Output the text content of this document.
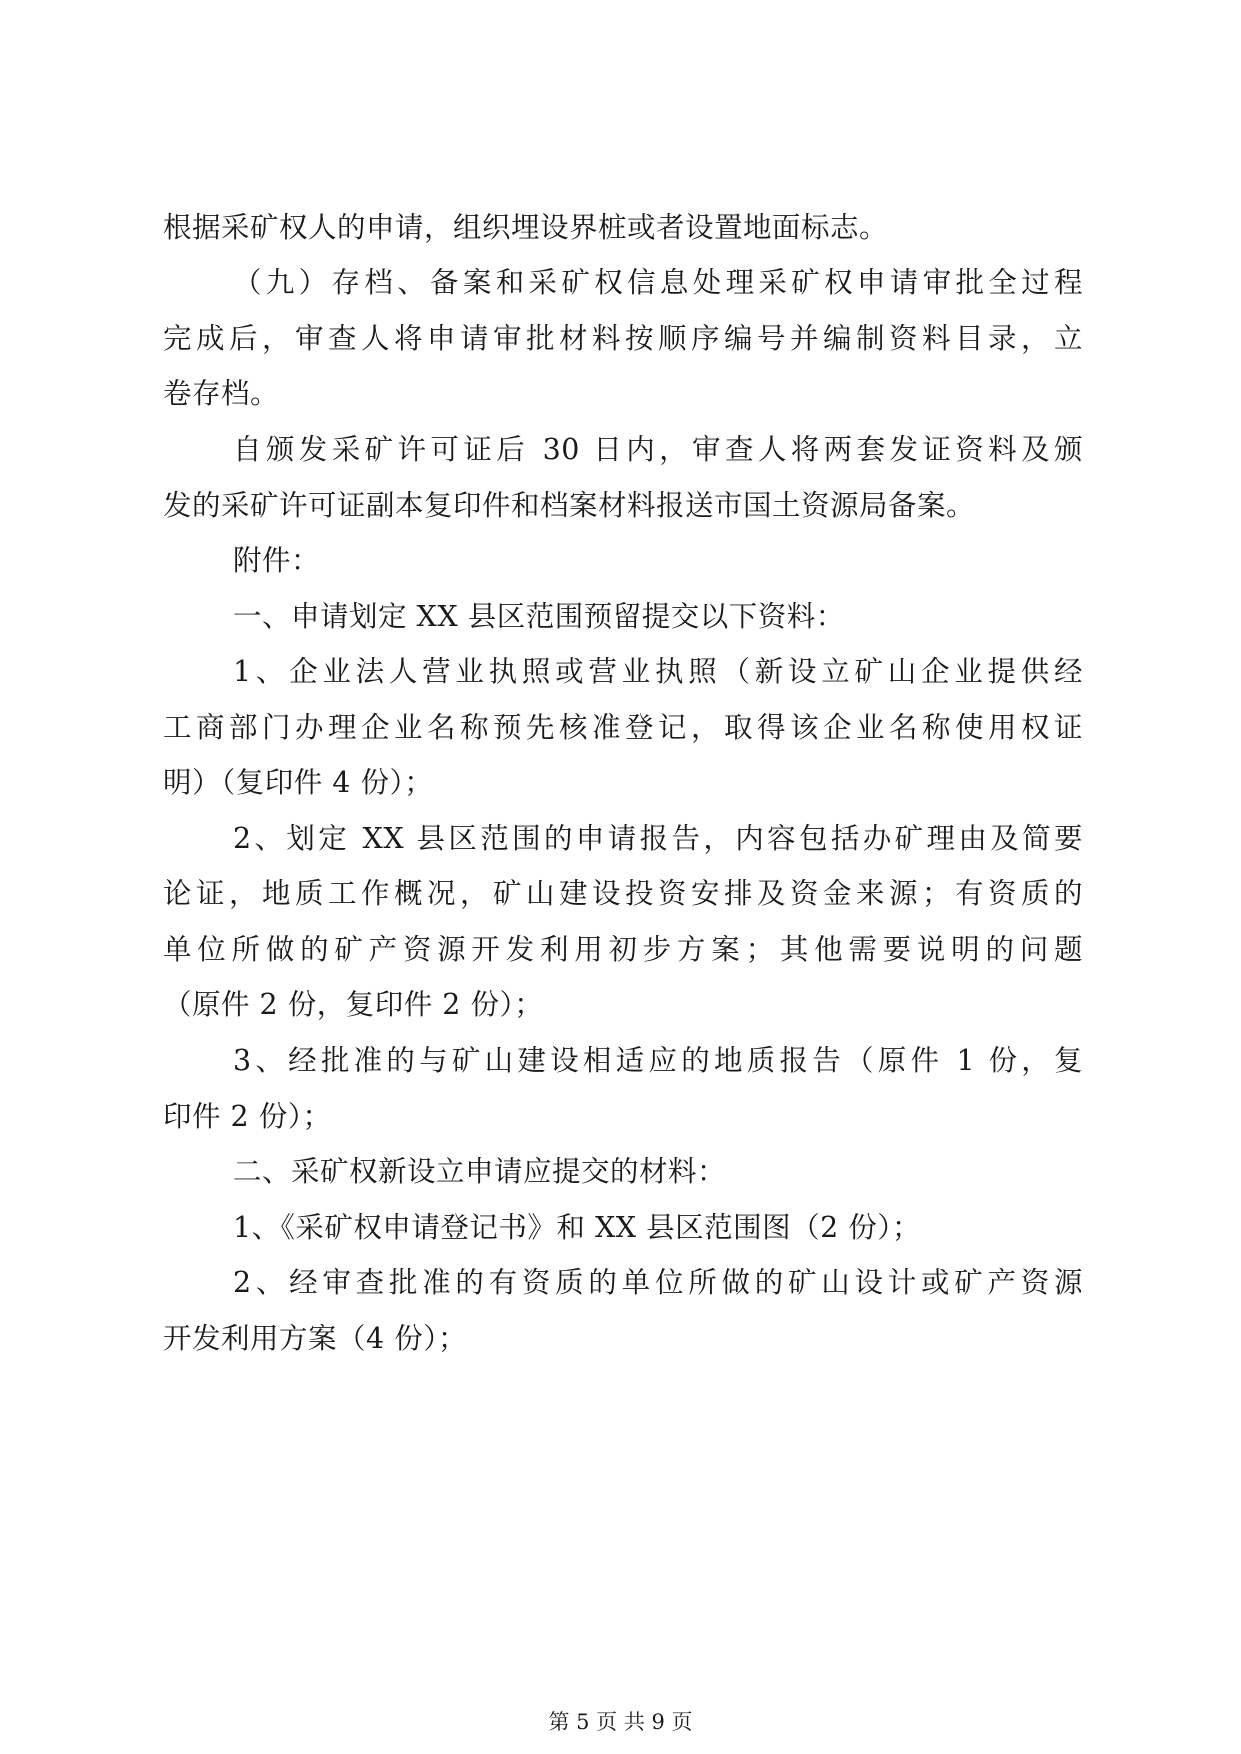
根据采矿权人的申请，组织埋设界桩或者设置地面标志。
（九）存档、备案和采矿权信息处理采矿权申请审批全过程
完成后，审查人将申请审批材料按顺序编号并编制资料目录，立
卷存档。
自颁发采矿许可证后 30 日内，审查人将两套发证资料及颁
发的采矿许可证副本复印件和档案材料报送市国土资源局备案。
附件：
一、申请划定 XX 县区范围预留提交以下资料：
1、企业法人营业执照或营业执照（新设立矿山企业提供经
工商部门办理企业名称预先核准登记，取得该企业名称使用权证
明）（复印件 4 份）；
2、划定 XX 县区范围的申请报告，内容包括办矿理由及简要
论证，地质工作概况，矿山建设投资安排及资金来源；有资质的
单位所做的矿产资源开发利用初步方案；其他需要说明的问题
（原件 2 份，复印件 2 份）；
3、经批准的与矿山建设相适应的地质报告（原件 1 份，复
印件 2 份）；
二、采矿权新设立申请应提交的材料：
1、《采矿权申请登记书》和 XX 县区范围图（2 份）；
2、经审查批准的有资质的单位所做的矿山设计或矿产资源
开发利用方案（4 份）；
第 5 页 共 9 页
